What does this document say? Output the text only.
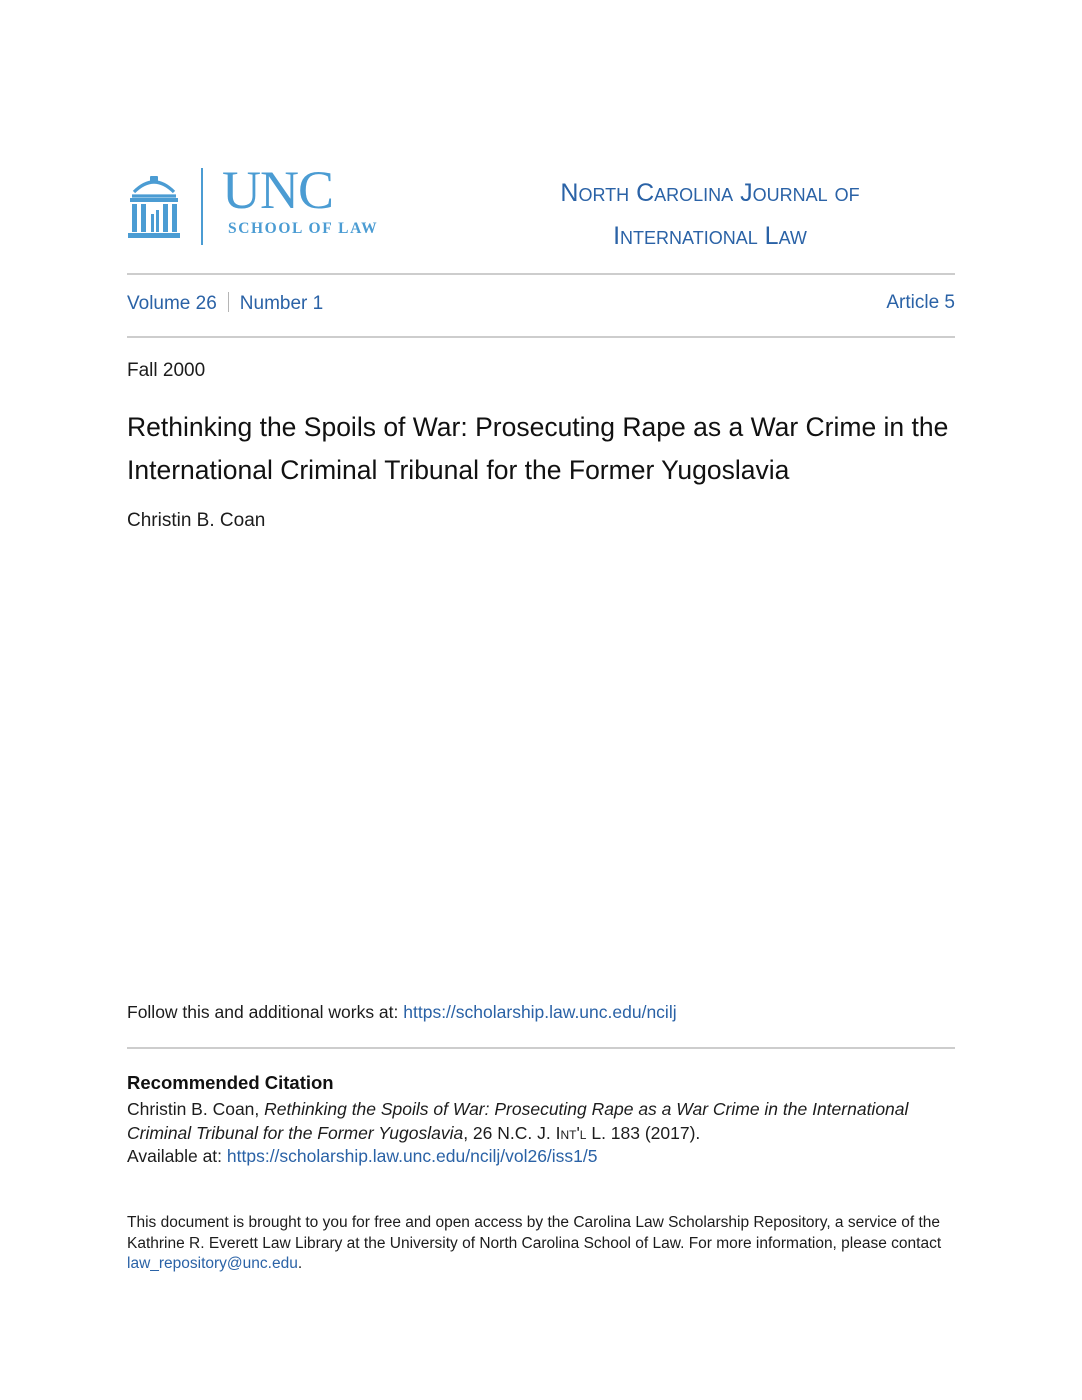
UNC
SCHOOL OF LAW
North Carolina Journal of
International Law
Volume 26 Number 1	Article 5
Fall 2000
Rethinking the Spoils of War: Prosecuting Rape as a War Crime in the International Criminal Tribunal for the Former Yugoslavia
Christin B. Coan
Follow this and additional works at: https://scholarship.law.unc.edu/ncilj
Recommended Citation
Christin B. Coan, Rethinking the Spoils of War: Prosecuting Rape as a War Crime in the International Criminal Tribunal for the Former Yugoslavia, 26 N.C. J. Int'l L. 183 (2017).
Available at: https://scholarship.law.unc.edu/ncilj/vol26/iss1/5
This document is brought to you for free and open access by the Carolina Law Scholarship Repository, a service of the Kathrine R. Everett Law Library at the University of North Carolina School of Law. For more information, please contact law_repository@unc.edu.
